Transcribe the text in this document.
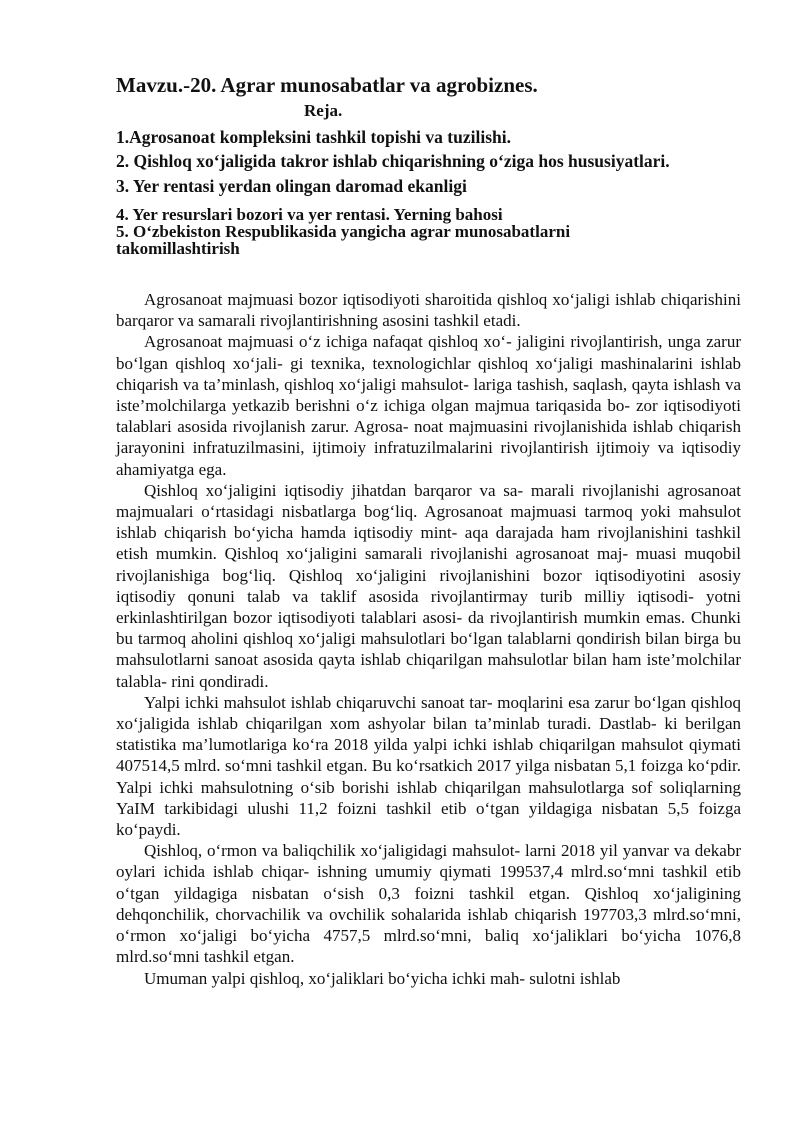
Mavzu.-20. Agrar munosabatlar va agrobiznes.
Reja.
1.Agrosanoat kompleksini tashkil topishi va tuzilishi.
2. Qishloq xo‘jaligida takror ishlab chiqarishning o‘ziga hos hususiyatlari.
3. Yer rentasi yerdan olingan daromad ekanligi
4. Yer resurslari bozori va yer rentasi. Yerning bahosi
5. O‘zbekiston Respublikasida yangicha agrar munosabatlarni
takomillashtirish

Agrosanoat majmuasi bozor iqtisodiyoti sharoitida qishloq xo‘jaligi ishlab chiqarishini barqaror va samarali rivojlantirishning asosini tashkil etadi.

Agrosanoat majmuasi o‘z ichiga nafaqat qishloq xo‘- jaligini rivojlantirish, unga zarur bo‘lgan qishloq xo‘jali- gi texnika, texnologichlar qishloq xo‘jaligi mashinalarini ishlab chiqarish va ta’minlash, qishloq xo‘jaligi mahsulot- lariga tashish, saqlash, qayta ishlash va iste’molchilarga yetkazib berishni o‘z ichiga olgan majmua tariqasida bo- zor iqtisodiyoti talablari asosida rivojlanish zarur. Agrosa- noat majmuasini rivojlanishida ishlab chiqarish jarayonini infratuzilmasini, ijtimoiy infratuzilmalarini rivojlantirish ijtimoiy va iqtisodiy ahamiyatga ega.

Qishloq xo‘jaligini iqtisodiy jihatdan barqaror va sa- marali rivojlanishi agrosanoat majmualari o‘rtasidagi nisbatlarga bog‘liq. Agrosanoat majmuasi tarmoq yoki mahsulot ishlab chiqarish bo‘yicha hamda iqtisodiy mint- aqa darajada ham rivojlanishini tashkil etish mumkin. Qishloq xo‘jaligini samarali rivojlanishi agrosanoat maj- muasi muqobil rivojlanishiga bog‘liq. Qishloq xo‘jaligini rivojlanishini bozor iqtisodiyotini asosiy iqtisodiy qonuni talab va taklif asosida rivojlantirmay turib milliy iqtisodi- yotni erkinlashtirilgan bozor iqtisodiyoti talablari asosi- da rivojlantirish mumkin emas. Chunki bu tarmoq aholini qishloq xo‘jaligi mahsulotlari bo‘lgan talablarni qondirish bilan birga bu mahsulotlarni sanoat asosida qayta ishlab chiqarilgan mahsulotlar bilan ham iste’molchilar talabla- rini qondiradi.

Yalpi ichki mahsulot ishlab chiqaruvchi sanoat tar- moqlarini esa zarur bo‘lgan qishloq xo‘jaligida ishlab chiqarilgan xom ashyolar bilan ta’minlab turadi. Dastlab- ki berilgan statistika ma’lumotlariga ko‘ra 2018 yilda yalpi ichki ishlab chiqarilgan mahsulot qiymati 407514,5 mlrd. so‘mni tashkil etgan. Bu ko‘rsatkich 2017 yilga nisbatan 5,1 foizga ko‘pdir. Yalpi ichki mahsulotning o‘sib borishi ishlab chiqarilgan mahsulotlarga sof soliqlarning YaIM tarkibidagi ulushi 11,2 foizni tashkil etib o‘tgan yildagiga nisbatan 5,5 foizga ko‘paydi.

Qishloq, o‘rmon va baliqchilik xo‘jaligidagi mahsulot- larni 2018 yil yanvar va dekabr oylari ichida ishlab chiqar- ishning umumiy qiymati 199537,4 mlrd.so‘mni tashkil etib o‘tgan yildagiga nisbatan o‘sish 0,3 foizni tashkil etgan. Qishloq xo‘jaligining dehqonchilik, chorvachilik va ovchilik sohalarida ishlab chiqarish 197703,3 mlrd.so‘mni, o‘rmon xo‘jaligi bo‘yicha 4757,5 mlrd.so‘mni, baliq xo‘jaliklari bo‘yicha 1076,8 mlrd.so‘mni tashkil etgan.

Umuman yalpi qishloq, xo‘jaliklari bo‘yicha ichki mah- sulotni ishlab
